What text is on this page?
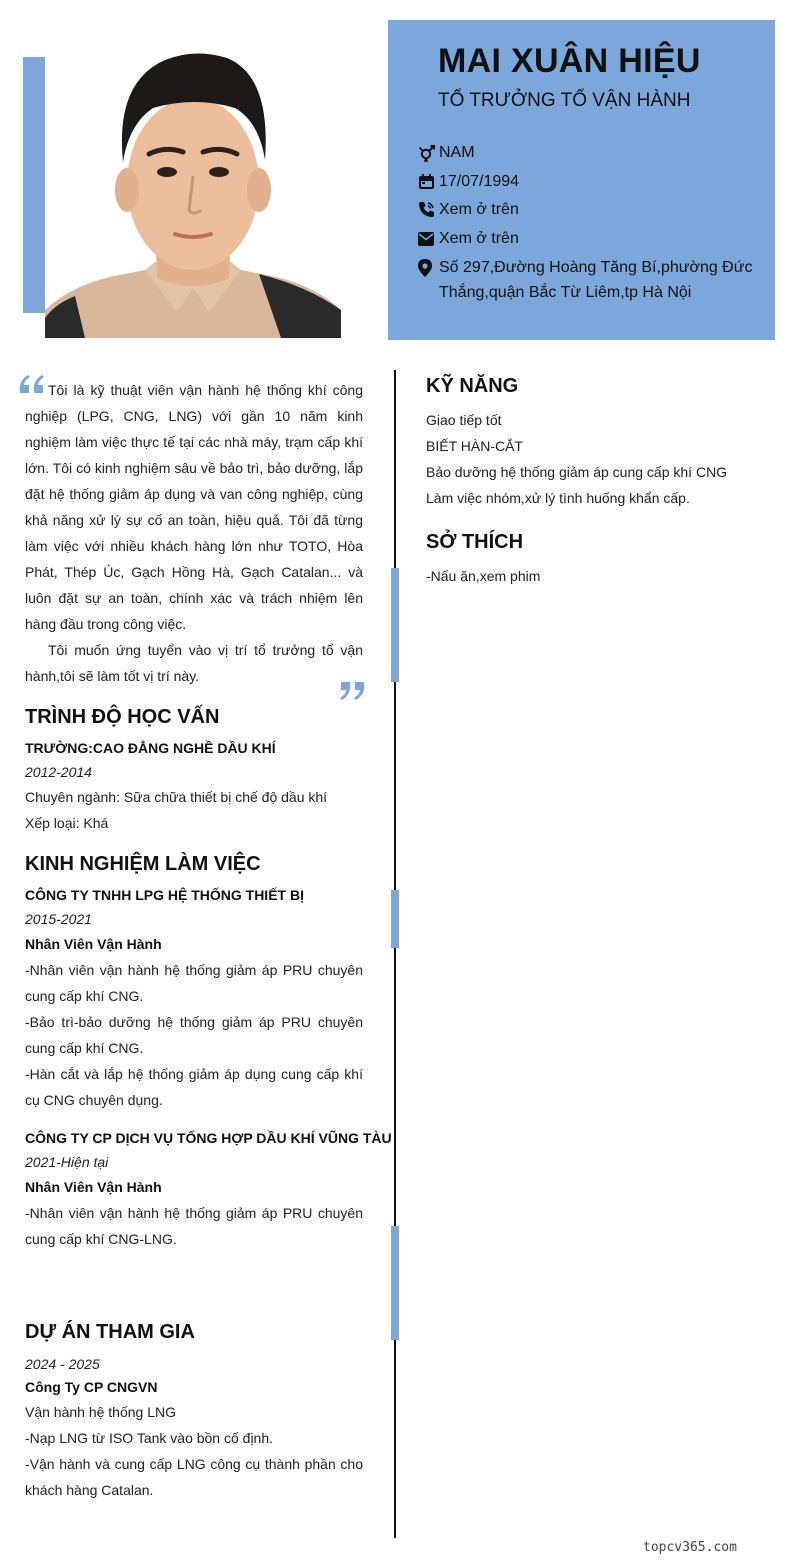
MAI XUÂN HIỆU
TỔ TRƯỞNG TỔ VẬN HÀNH
NAM
17/07/1994
Xem ở trên
Xem ở trên
Số 297,Đường Hoàng Tăng Bí,phường Đức Thắng,quận Bắc Từ Liêm,tp Hà Nội

Tôi là kỹ thuật viên vận hành hệ thống khí công nghiệp (LPG, CNG, LNG) với gần 10 năm kinh nghiệm làm việc thực tế tại các nhà máy, trạm cấp khí lớn. Tôi có kinh nghiệm sâu về bảo trì, bảo dưỡng, lắp đặt hệ thống giảm áp dụng và van công nghiệp, cùng khả năng xử lý sự cố an toàn, hiệu quả. Tôi đã từng làm việc với nhiều khách hàng lớn như TOTO, Hòa Phát, Thép Úc, Gạch Hồng Hà, Gạch Catalan... và luôn đặt sự an toàn, chính xác và trách nhiệm lên hàng đầu trong công việc.

Tôi muốn ứng tuyển vào vị trí tổ trưởng tổ vận hành,tôi sẽ làm tốt vị trí này.

TRÌNH ĐỘ HỌC VẤN
TRƯỜNG:CAO ĐẲNG NGHỀ DẦU KHÍ
2012-2014
Chuyên ngành: Sữa chữa thiết bị chế độ dầu khí
Xếp loại: Khá
KINH NGHIỆM LÀM VIỆC
CÔNG TY TNHH LPG HỆ THỐNG THIẾT BỊ
2015-2021
Nhân Viên Vận Hành
-Nhân viên vận hành hệ thống giảm áp PRU chuyên cung cấp khí CNG.
-Bảo trì-bảo dưỡng hệ thống giảm áp PRU chuyên cung cấp khí CNG.
-Hàn cắt và lắp hệ thống giảm áp dụng cung cấp khí cụ CNG chuyên dụng.
CÔNG TY CP DỊCH VỤ TỔNG HỢP DẦU KHÍ VŨNG TÀU
2021-Hiện tại
Nhân Viên Vận Hành
-Nhân viên vận hành hệ thống giảm áp PRU chuyên cung cấp khí CNG-LNG.
DỰ ÁN THAM GIA
2024 - 2025
Công Ty CP CNGVN
Vận hành hệ thống LNG
-Nạp LNG từ ISO Tank vào bồn cố định.
-Vận hành và cung cấp LNG công cụ thành phần cho khách hàng Catalan.
KỸ NĂNG
Giao tiếp tốt
BIẾT HÀN-CẮT
Bảo dưỡng hệ thống giảm áp cung cấp khí CNG
Làm việc nhóm,xử lý tình huống khẩn cấp.
SỞ THÍCH
-Nấu ăn,xem phim
topcv365.com
